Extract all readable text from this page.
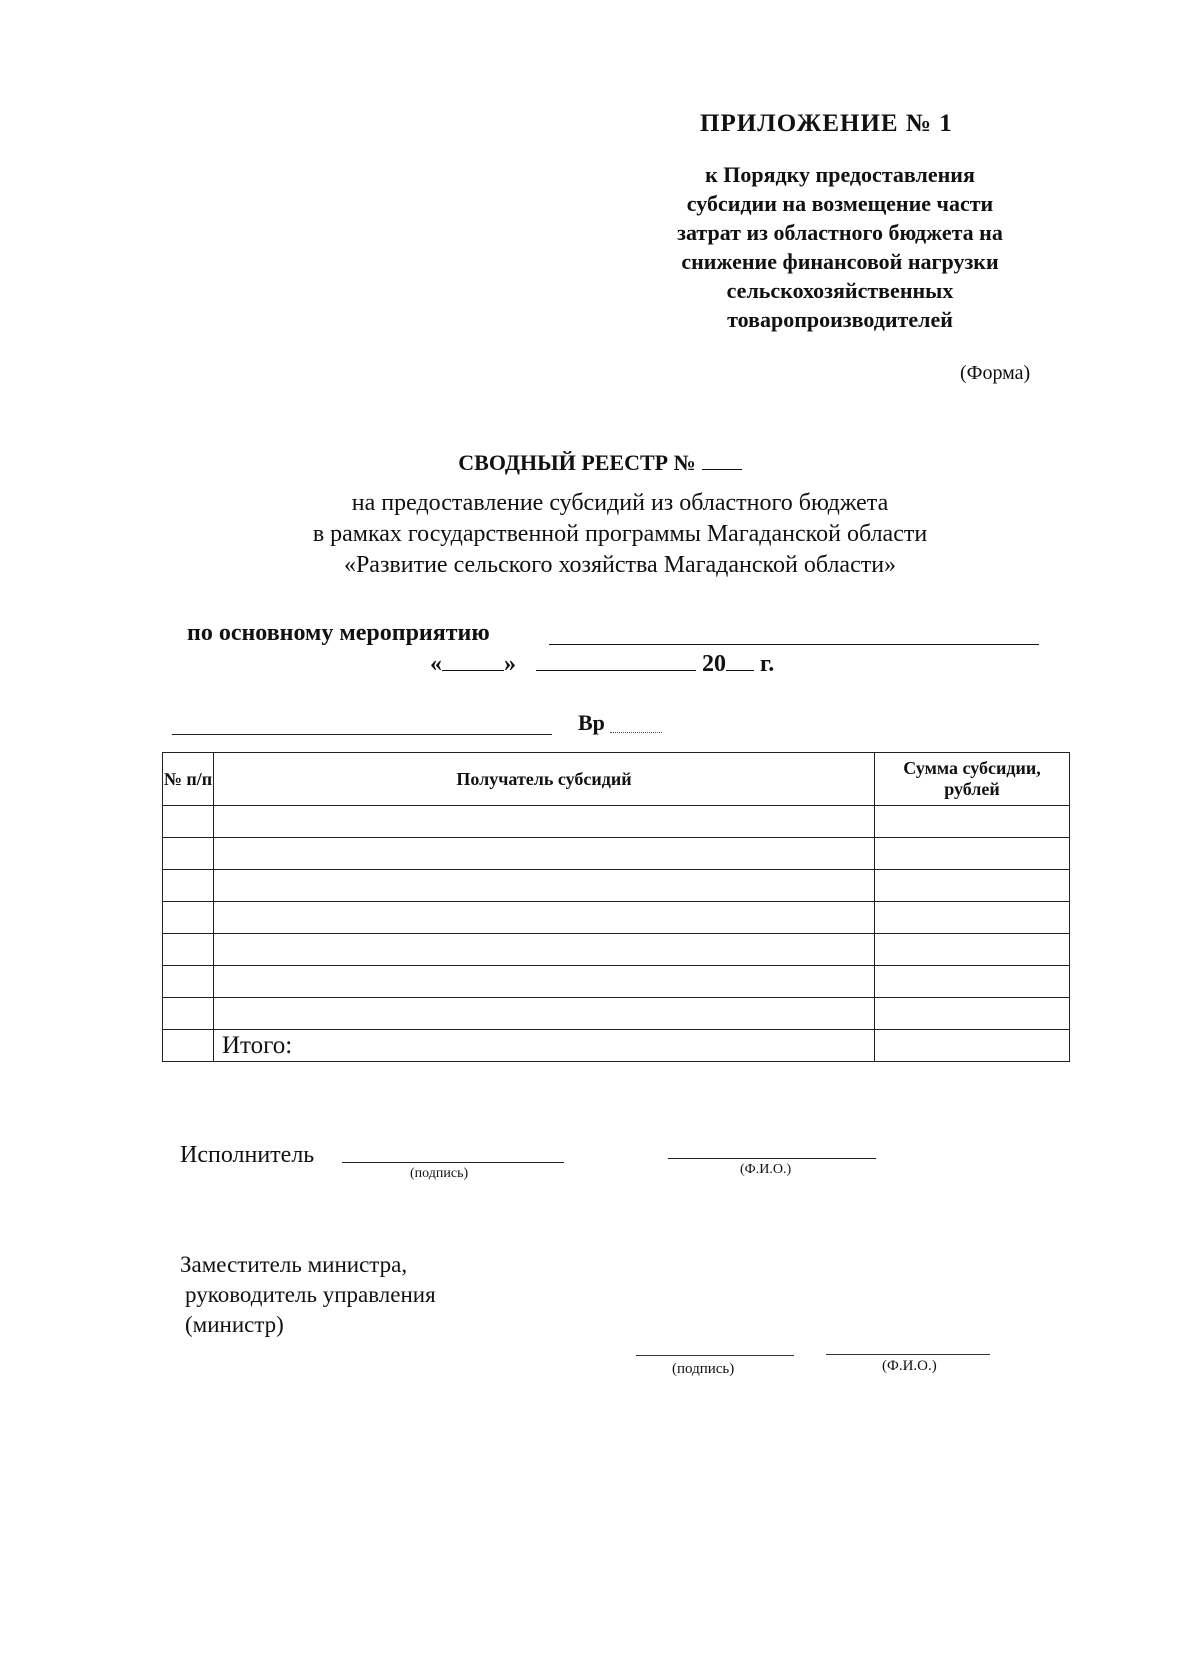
ПРИЛОЖЕНИЕ № 1
к Порядку предоставления
субсидии на возмещение части
затрат из областного бюджета на
снижение финансовой нагрузки
сельскохозяйственных
товаропроизводителей
(Форма)
СВОДНЫЙ РЕЕСТР №
на предоставление субсидий из областного бюджета
в рамках государственной программы Магаданской области
«Развитие сельского хозяйства Магаданской области»
по основному мероприятию
«	»	20 г.
Вр
№ п/п	Получатель субсидий	Сумма субсидии, рублей

	Итого:	
Исполнитель
(подпись)	(Ф.И.О.)
Заместитель министра,
руководитель управления
(министр)
(подпись)	(Ф.И.О.)
